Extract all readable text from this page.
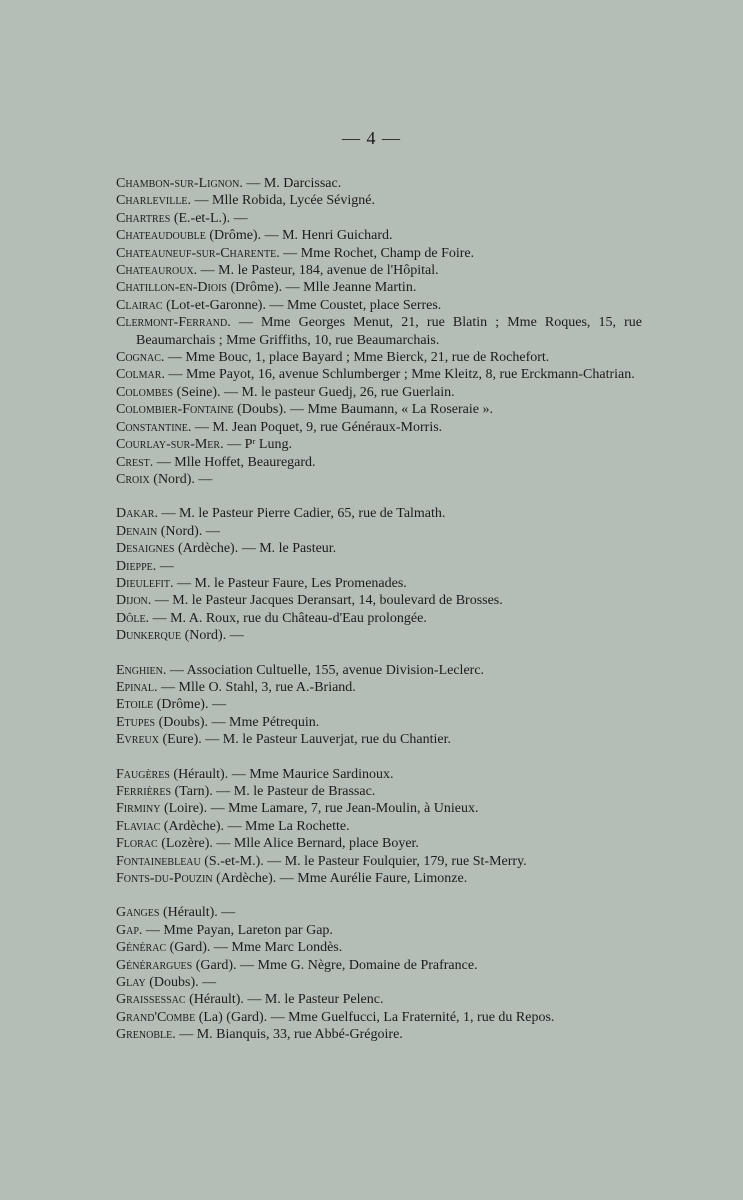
— 4 —

Chambon-sur-Lignon. — M. Darcissac.

Charleville. — Mlle Robida, Lycée Sévigné.

Chartres (E.-et-L.). —

Chateaudouble (Drôme). — M. Henri Guichard.

Chateauneuf-sur-Charente. — Mme Rochet, Champ de Foire.

Chateauroux. — M. le Pasteur, 184, avenue de l'Hôpital.

Chatillon-en-Diois (Drôme). — Mlle Jeanne Martin.

Clairac (Lot-et-Garonne). — Mme Coustet, place Serres.

Clermont-Ferrand. — Mme Georges Menut, 21, rue Blatin ; Mme Roques, 15, rue Beaumarchais ; Mme Griffiths, 10, rue Beaumarchais.

Cognac. — Mme Bouc, 1, place Bayard ; Mme Bierck, 21, rue de Rochefort.

Colmar. — Mme Payot, 16, avenue Schlumberger ; Mme Kleitz, 8, rue Erckmann-Chatrian.

Colombes (Seine). — M. le pasteur Guedj, 26, rue Guerlain.

Colombier-Fontaine (Doubs). — Mme Baumann, « La Roseraie ».

Constantine. — M. Jean Poquet, 9, rue Généraux-Morris.

Courlay-sur-Mer. — Pʳ Lung.

Crest. — Mlle Hoffet, Beauregard.

Croix (Nord). —

Dakar. — M. le Pasteur Pierre Cadier, 65, rue de Talmath.

Denain (Nord). —

Desaignes (Ardèche). — M. le Pasteur.

Dieppe. —

Dieulefit. — M. le Pasteur Faure, Les Promenades.

Dijon. — M. le Pasteur Jacques Deransart, 14, boulevard de Brosses.

Dôle. — M. A. Roux, rue du Château-d'Eau prolongée.

Dunkerque (Nord). —

Enghien. — Association Cultuelle, 155, avenue Division-Leclerc.

Epinal. — Mlle O. Stahl, 3, rue A.-Briand.

Etoile (Drôme). —

Etupes (Doubs). — Mme Pétrequin.

Evreux (Eure). — M. le Pasteur Lauverjat, rue du Chantier.

Faugères (Hérault). — Mme Maurice Sardinoux.

Ferrières (Tarn). — M. le Pasteur de Brassac.

Firminy (Loire). — Mme Lamare, 7, rue Jean-Moulin, à Unieux.

Flaviac (Ardèche). — Mme La Rochette.

Florac (Lozère). — Mlle Alice Bernard, place Boyer.

Fontainebleau (S.-et-M.). — M. le Pasteur Foulquier, 179, rue St-Merry.

Fonts-du-Pouzin (Ardèche). — Mme Aurélie Faure, Limonze.

Ganges (Hérault). —

Gap. — Mme Payan, Lareton par Gap.

Générac (Gard). — Mme Marc Londès.

Générargues (Gard). — Mme G. Nègre, Domaine de Prafrance.

Glay (Doubs). —

Graissessac (Hérault). — M. le Pasteur Pelenc.

Grand'Combe (La) (Gard). — Mme Guelfucci, La Fraternité, 1, rue du Repos.

Grenoble. — M. Bianquis, 33, rue Abbé-Grégoire.
